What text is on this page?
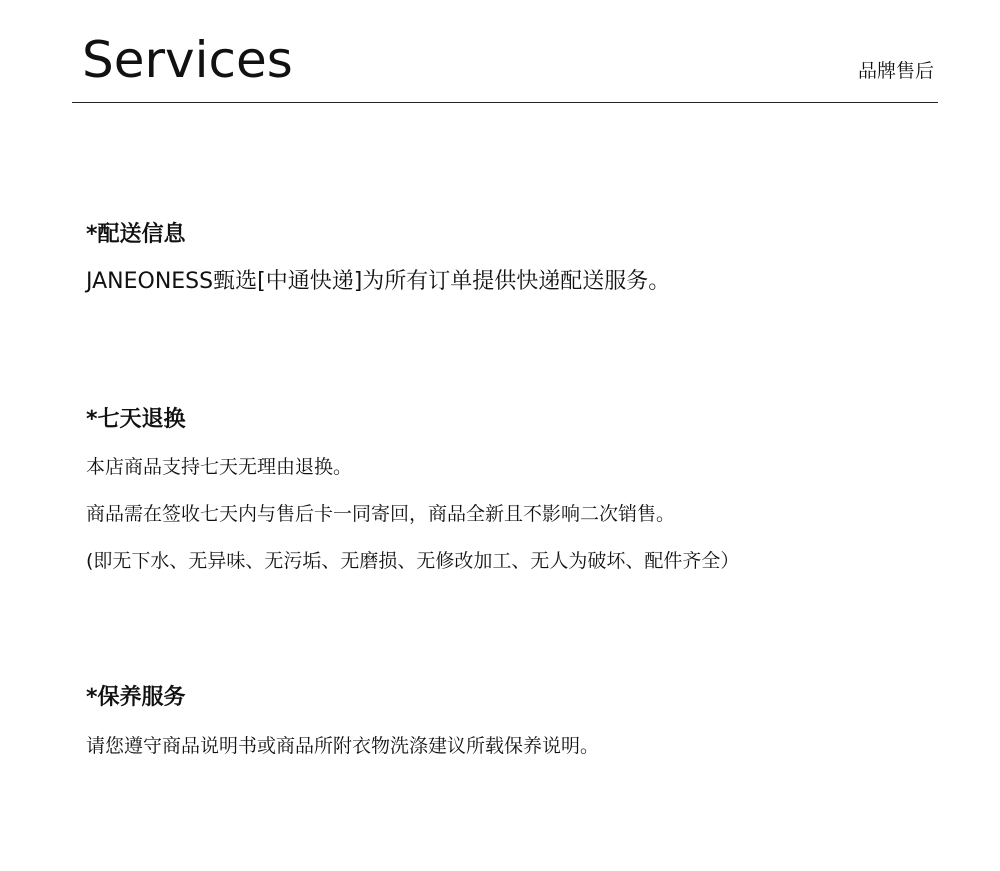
Services	品牌售后
*配送信息

JANEONESS甄选[中通快递]为所有订单提供快递配送服务。

*七天退换

本店商品支持七天无理由退换。

商品需在签收七天内与售后卡一同寄回，商品全新且不影响二次销售。

(即无下水、无异味、无污垢、无磨损、无修改加工、无人为破坏、配件齐全）

*保养服务

请您遵守商品说明书或商品所附衣物洗涤建议所载保养说明。
